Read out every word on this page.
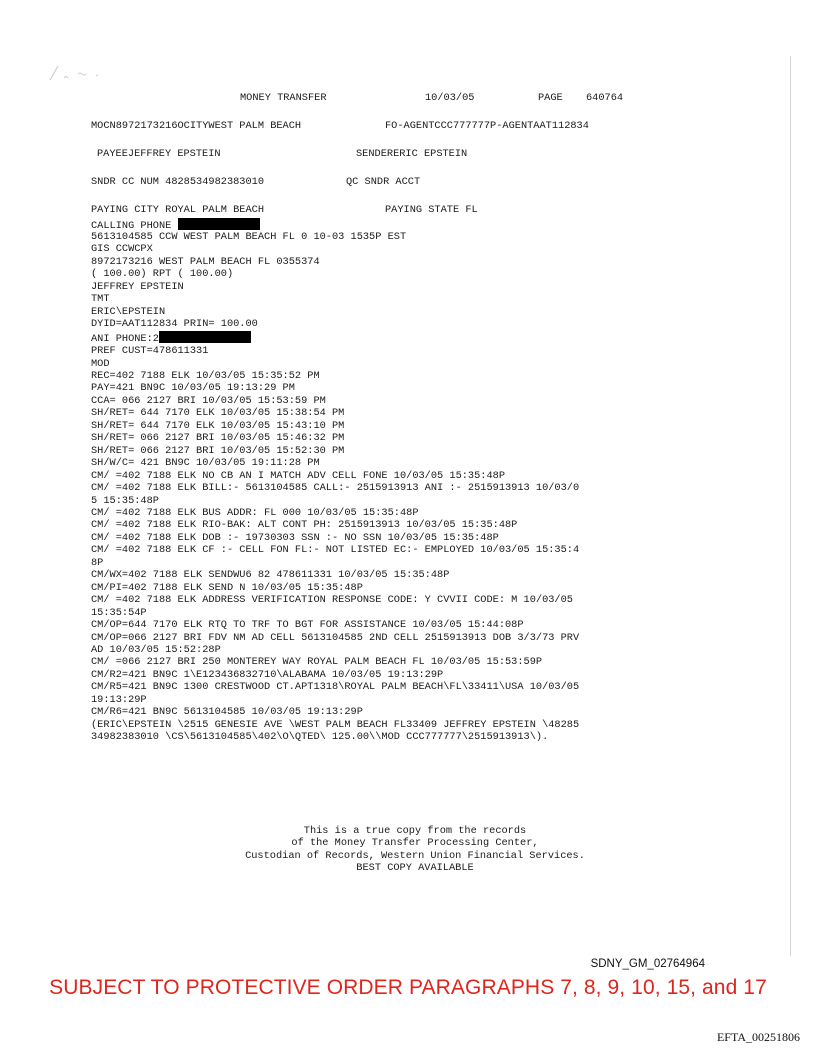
MONEY TRANSFER	10/03/05	PAGE 640764
MOCN8972173216OCITYWEST PALM BEACH	FO-AGENTCCC777777P-AGENTAAT112834
PAYEEJEFFREY EPSTEIN	SENDERERIC EPSTEIN
SNDR CC NUM 4828534982383010	QC SNDR ACCT
PAYING CITY ROYAL PALM BEACH	PAYING STATE FL
CALLING PHONE
5613104585 CCW WEST PALM BEACH FL 0 10-03 1535P EST
GIS CCWCPX
8972173216 WEST PALM BEACH FL 0355374
( 100.00) RPT ( 100.00)
JEFFREY EPSTEIN
TMT
ERIC\EPSTEIN
DYID=AAT112834 PRIN= 100.00
ANI PHONE:2
PREF CUST=478611331
MOD
REC=402 7188 ELK 10/03/05 15:35:52 PM
PAY=421 BN9C 10/03/05 19:13:29 PM
CCA= 066 2127 BRI 10/03/05 15:53:59 PM
SH/RET= 644 7170 ELK 10/03/05 15:38:54 PM
SH/RET= 644 7170 ELK 10/03/05 15:43:10 PM
SH/RET= 066 2127 BRI 10/03/05 15:46:32 PM
SH/RET= 066 2127 BRI 10/03/05 15:52:30 PM
SH/W/C= 421 BN9C 10/03/05 19:11:28 PM
CM/ =402 7188 ELK NO CB AN I MATCH ADV CELL FONE 10/03/05 15:35:48P
CM/ =402 7188 ELK BILL:- 5613104585 CALL:- 2515913913 ANI :- 2515913913 10/03/0
5 15:35:48P
CM/ =402 7188 ELK BUS ADDR: FL 000 10/03/05 15:35:48P
CM/ =402 7188 ELK RIO-BAK: ALT CONT PH: 2515913913 10/03/05 15:35:48P
CM/ =402 7188 ELK DOB :- 19730303 SSN :- NO SSN 10/03/05 15:35:48P
CM/ =402 7188 ELK CF :- CELL FON FL:- NOT LISTED EC:- EMPLOYED 10/03/05 15:35:4
8P
CM/WX=402 7188 ELK SENDWU6 82 478611331 10/03/05 15:35:48P
CM/PI=402 7188 ELK SEND N 10/03/05 15:35:48P
CM/ =402 7188 ELK ADDRESS VERIFICATION RESPONSE CODE: Y CVVII CODE: M 10/03/05
15:35:54P
CM/OP=644 7170 ELK RTQ TO TRF TO BGT FOR ASSISTANCE 10/03/05 15:44:08P
CM/OP=066 2127 BRI FDV NM AD CELL 5613104585 2ND CELL 2515913913 DOB 3/3/73 PRV
AD 10/03/05 15:52:28P
CM/ =066 2127 BRI 250 MONTEREY WAY ROYAL PALM BEACH FL 10/03/05 15:53:59P
CM/R2=421 BN9C 1\E123436832710\ALABAMA 10/03/05 19:13:29P
CM/R5=421 BN9C 1300 CRESTWOOD CT.APT1318\ROYAL PALM BEACH\FL\33411\USA 10/03/05
19:13:29P
CM/R6=421 BN9C 5613104585 10/03/05 19:13:29P
(ERIC\EPSTEIN \2515 GENESIE AVE \WEST PALM BEACH FL33409 JEFFREY EPSTEIN \48285
34982383010 \CS\5613104585\402\O\QTED\ 125.00\\MOD CCC777777\2515913913\).
This is a true copy from the records
of the Money Transfer Processing Center,
Custodian of Records, Western Union Financial Services.
BEST COPY AVAILABLE
SDNY_GM_02764964
SUBJECT TO PROTECTIVE ORDER PARAGRAPHS 7, 8, 9, 10, 15, and 17
EFTA_00251806
